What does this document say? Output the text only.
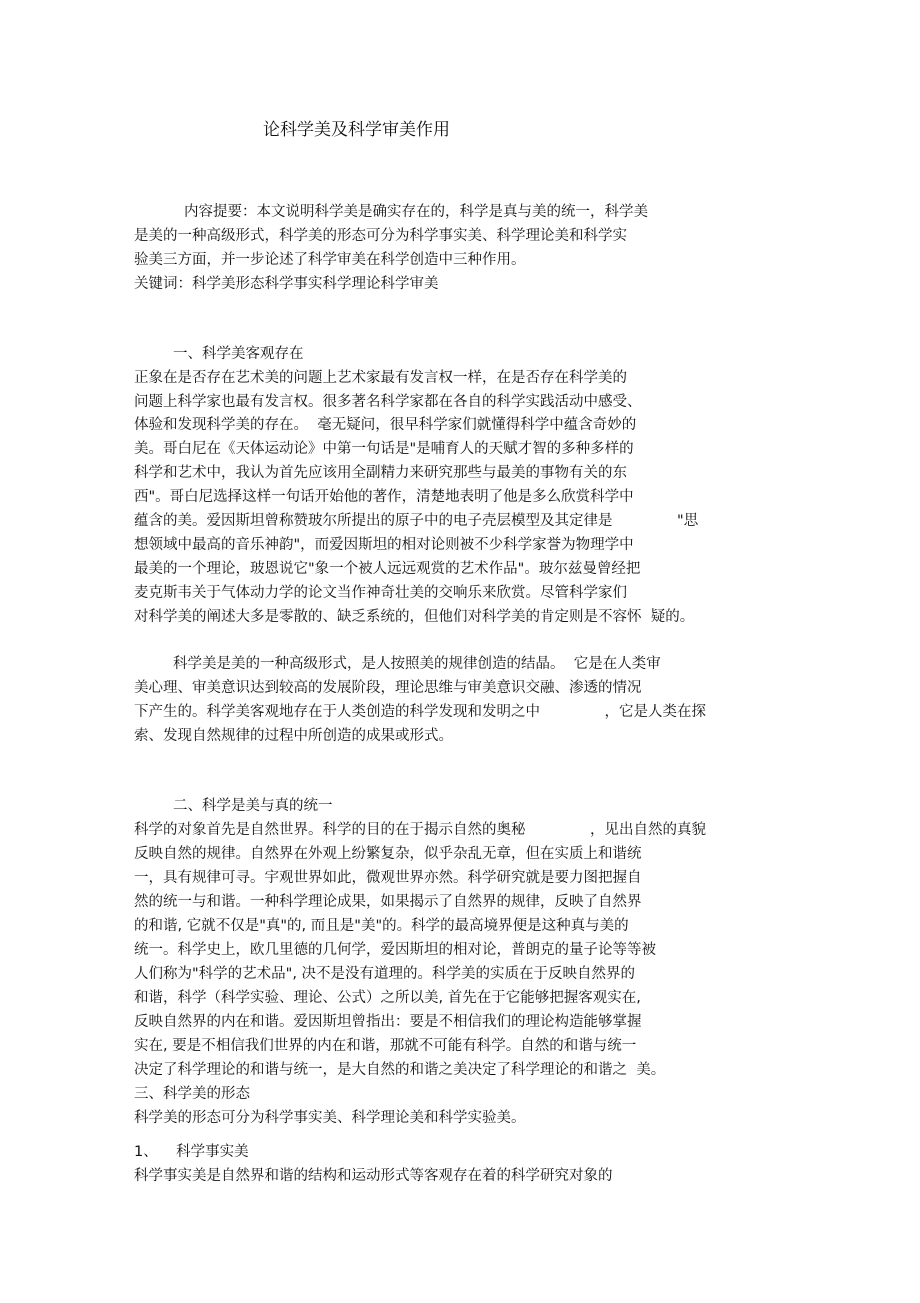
论科学美及科学审美作用
内容提要：本文说明科学美是确实存在的，科学是真与美的统一，科学美
是美的一种高级形式，科学美的形态可分为科学事实美、科学理论美和科学实
验美三方面，并一步论述了科学审美在科学创造中三种作用。
关键词：科学美形态科学事实科学理论科学审美
一、科学美客观存在
正象在是否存在艺术美的问题上艺术家最有发言权一样，在是否存在科学美的
问题上科学家也最有发言权。很多著名科学家都在各自的科学实践活动中感受、
体验和发现科学美的存在。  毫无疑问，很早科学家们就懂得科学中蕴含奇妙的
美。哥白尼在《天体运动论》中第一句话是"是哺育人的天赋才智的多种多样的
科学和艺术中，我认为首先应该用全副精力来研究那些与最美的事物有关的东
西"。哥白尼选择这样一句话开始他的著作，清楚地表明了他是多么欣赏科学中
蕴含的美。爱因斯坦曾称赞玻尔所提出的原子中的电子壳层模型及其定律是              "思
想领域中最高的音乐神韵"，而爱因斯坦的相对论则被不少科学家誉为物理学中
最美的一个理论，玻恩说它"象一个被人远远观赏的艺术作品"。玻尔兹曼曾经把
麦克斯韦关于气体动力学的论文当作神奇壮美的交响乐来欣赏。尽管科学家们
对科学美的阐述大多是零散的、缺乏系统的，但他们对科学美的肯定则是不容怀  疑的。
科学美是美的一种高级形式，是人按照美的规律创造的结晶。  它是在人类审
美心理、审美意识达到较高的发展阶段，理论思维与审美意识交融、渗透的情况
下产生的。科学美客观地存在于人类创造的科学发现和发明之中              ，它是人类在探
索、发现自然规律的过程中所创造的成果或形式。
二、科学是美与真的统一
科学的对象首先是自然世界。科学的目的在于揭示自然的奥秘              ，见出自然的真貌
反映自然的规律。自然界在外观上纷繁复杂，似乎杂乱无章，但在实质上和谐统
一，具有规律可寻。宇观世界如此，微观世界亦然。科学研究就是要力图把握自
然的统一与和谐。一种科学理论成果，如果揭示了自然界的规律，反映了自然界
的和谐, 它就不仅是"真"的, 而且是"美"的。科学的最高境界便是这种真与美的
统一。科学史上，欧几里德的几何学，爱因斯坦的相对论，普朗克的量子论等等被
人们称为"科学的艺术品", 决不是没有道理的。科学美的实质在于反映自然界的
和谐，科学（科学实验、理论、公式）之所以美, 首先在于它能够把握客观实在,
反映自然界的内在和谐。爱因斯坦曾指出：要是不相信我们的理论构造能够掌握
实在, 要是不相信我们世界的内在和谐，那就不可能有科学。自然的和谐与统一
决定了科学理论的和谐与统一，是大自然的和谐之美决定了科学理论的和谐之  美。
三、科学美的形态
科学美的形态可分为科学事实美、科学理论美和科学实验美。
1、    科学事实美
科学事实美是自然界和谐的结构和运动形式等客观存在着的科学研究对象的
